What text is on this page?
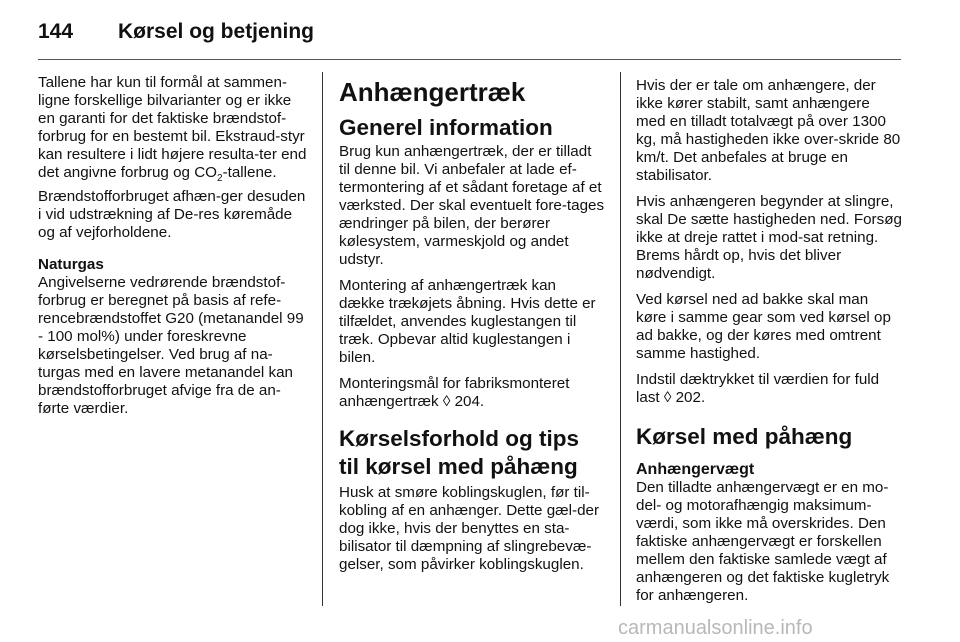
144 Kørsel og betjening

Tallene har kun til formål at sammen-ligne forskellige bilvarianter og er ikke en garanti for det faktiske brændstof-forbrug for en bestemt bil. Ekstraud-styr kan resultere i lidt højere resulta-ter end det angivne forbrug og $CO_2$-tallene. Brændstofforbruget afhæn-ger desuden i vid udstrækning af De-res køremåde og af vejforholdene.

Naturgas
Angivelserne vedrørende brændstof-forbrug er beregnet på basis af refe-rencebrændstoffet G20 (metanandel 99 - 100 mol%) under foreskrevne kørselsbetingelser. Ved brug af na-turgas med en lavere metanandel kan brændstofforbruget afvige fra de an-førte værdier.

Anhængertræk
Generel information

Brug kun anhængertræk, der er tilladt til denne bil. Vi anbefaler at lade ef-termontering af et sådant foretage af et værksted. Der skal eventuelt fore-tages ændringer på bilen, der berører kølesystem, varmeskjold og andet udstyr.

Montering af anhængertræk kan dække trækøjets åbning. Hvis dette er tilfældet, anvendes kuglestangen til træk. Opbevar altid kuglestangen i bilen.

Monteringsmål for fabriksmonteret anhængertræk ◊ 204.

Kørselsforhold og tips til kørsel med påhæng

Husk at smøre koblingskuglen, før til-kobling af en anhænger. Dette gæl-der dog ikke, hvis der benyttes en sta-bilisator til dæmpning af slingrebevæ-gelser, som påvirker koblingskuglen.

Hvis der er tale om anhængere, der ikke kører stabilt, samt anhængere med en tilladt totalvægt på over 1300 kg, må hastigheden ikke over-skride 80 km/t. Det anbefales at bruge en stabilisator.

Hvis anhængeren begynder at slingre, skal De sætte hastigheden ned. Forsøg ikke at dreje rattet i mod-sat retning. Brems hårdt op, hvis det bliver nødvendigt.

Ved kørsel ned ad bakke skal man køre i samme gear som ved kørsel op ad bakke, og der køres med omtrent samme hastighed.

Indstil dæktrykket til værdien for fuld last ◊ 202.

Kørsel med påhæng
Anhængervægt

Den tilladte anhængervægt er en mo-del- og motorafhængig maksimum-værdi, som ikke må overskrides. Den faktiske anhængervægt er forskellen mellem den faktiske samlede vægt af anhængeren og det faktiske kugletryk for anhængeren.

carmanualsonline.info
